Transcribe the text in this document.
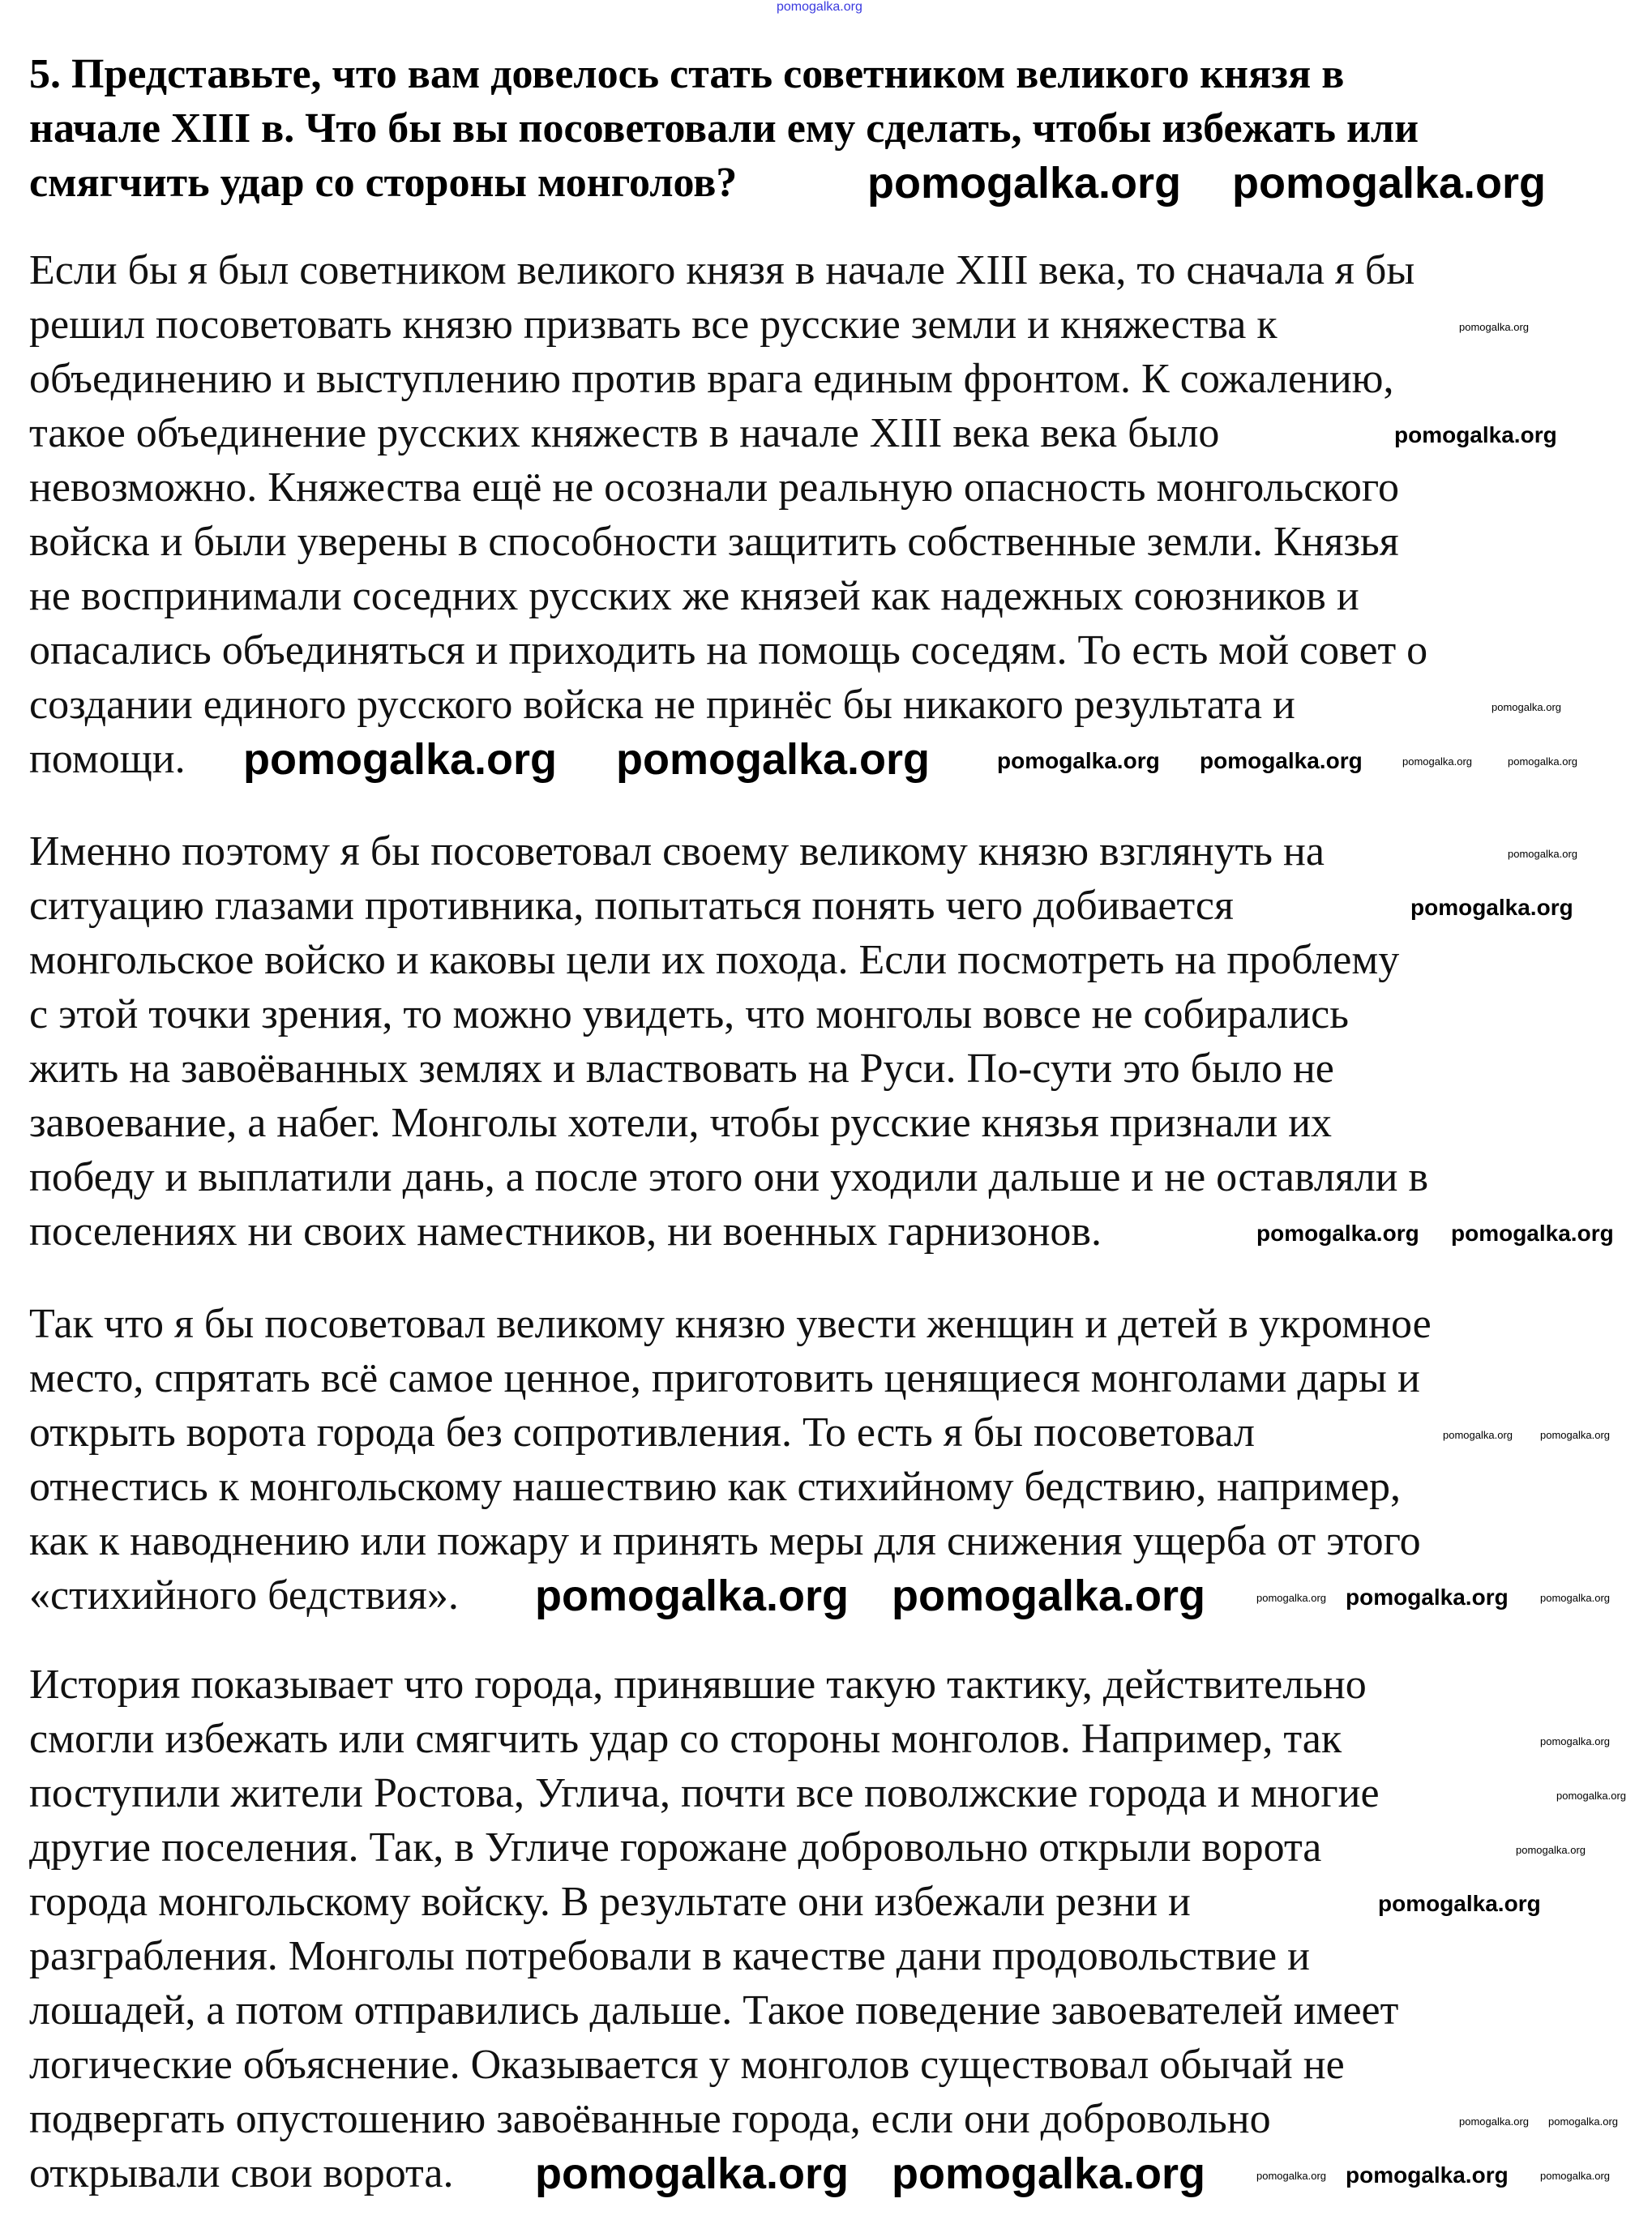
pomogalka.org
5. Представьте, что вам довелось стать советником великого князя в
начале XIII в. Что бы вы посоветовали ему сделать, чтобы избежать или
смягчить удар со стороны монголов?
Если бы я был советником великого князя в начале XIII века, то сначала я бы
решил посоветовать князю призвать все русские земли и княжества к
объединению и выступлению против врага единым фронтом. К сожалению,
такое объединение русских княжеств в начале XIII века века было
невозможно. Княжества ещё не осознали реальную опасность монгольского
войска и были уверены в способности защитить собственные земли. Князья
не воспринимали соседних русских же князей как надежных союзников и
опасались объединяться и приходить на помощь соседям. То есть мой совет о
создании единого русского войска не принёс бы никакого результата и
помощи.
Именно поэтому я бы посоветовал своему великому князю взглянуть на
ситуацию глазами противника, попытаться понять чего добивается
монгольское войско и каковы цели их похода. Если посмотреть на проблему
с этой точки зрения, то можно увидеть, что монголы вовсе не собирались
жить на завоёванных землях и властвовать на Руси. По-сути это было не
завоевание, а набег. Монголы хотели, чтобы русские князья признали их
победу и выплатили дань, а после этого они уходили дальше и не оставляли в
поселениях ни своих наместников, ни военных гарнизонов.
Так что я бы посоветовал великому князю увести женщин и детей в укромное
место, спрятать всё самое ценное, приготовить ценящиеся монголами дары и
открыть ворота города без сопротивления. То есть я бы посоветовал
отнестись к монгольскому нашествию как стихийному бедствию, например,
как к наводнению или пожару и принять меры для снижения ущерба от этого
«стихийного бедствия».
История показывает что города, принявшие такую тактику, действительно
смогли избежать или смягчить удар со стороны монголов. Например, так
поступили жители Ростова, Углича, почти все поволжские города и многие
другие поселения. Так, в Угличе горожане добровольно открыли ворота
города монгольскому войску. В результате они избежали резни и
разграбления. Монголы потребовали в качестве дани продовольствие и
лошадей, а потом отправились дальше. Такое поведение завоевателей имеет
логические объяснение. Оказывается у монголов существовал обычай не
подвергать опустошению завоёванные города, если они добровольно
открывали свои ворота.
pomogalka.org pomogalka.org
pomogalka.org pomogalka.org
pomogalka.org pomogalka.org
pomogalka.org pomogalka.org
pomogalka.org
pomogalka.org pomogalka.org
pomogalka.org
pomogalka.org pomogalka.org
pomogalka.org
pomogalka.org
pomogalka.org
pomogalka.org
pomogalka.org
pomogalka.org	pomogalka.org
pomogalka.org
pomogalka.org	pomogalka.org
pomogalka.org	pomogalka.org
pomogalka.org
pomogalka.org
pomogalka.org
pomogalka.org pomogalka.org
pomogalka.org	pomogalka.org
